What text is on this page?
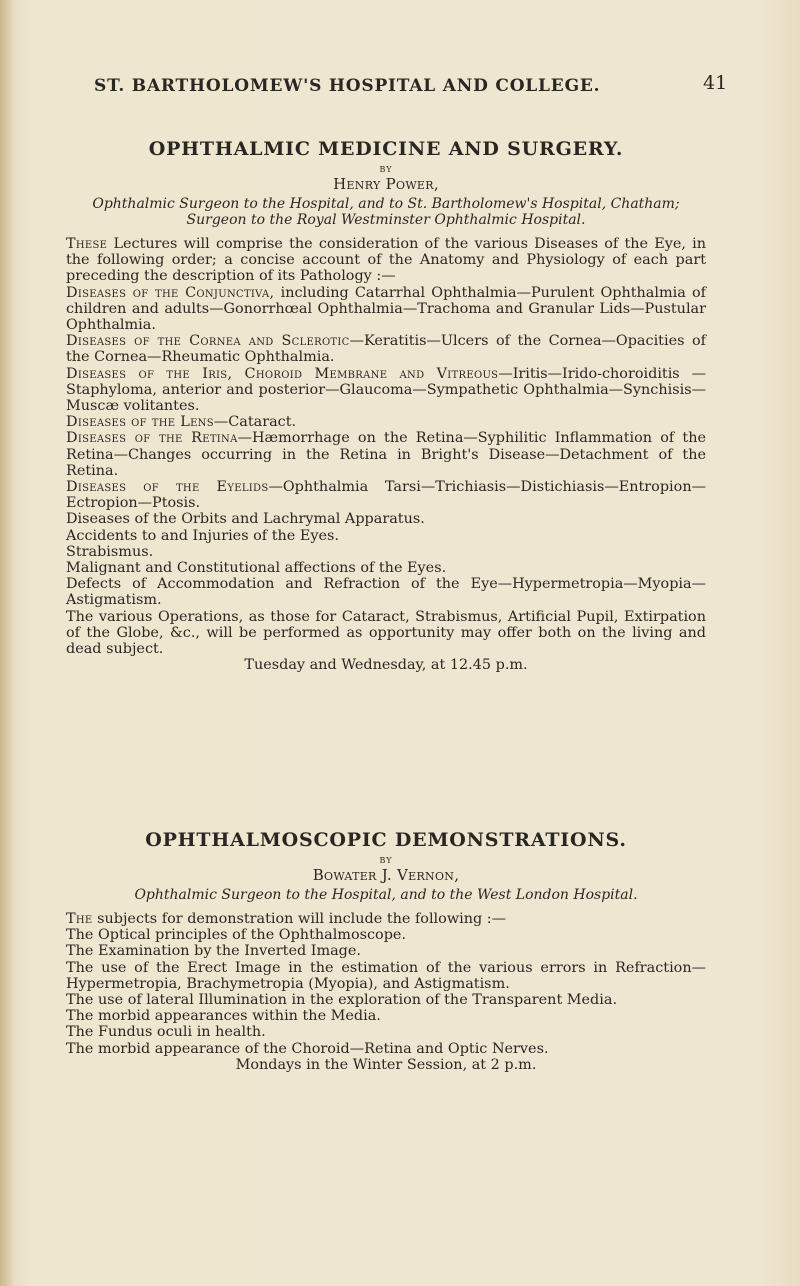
ST. BARTHOLOMEW'S HOSPITAL AND COLLEGE.	41
OPHTHALMIC MEDICINE AND SURGERY.
BY
Henry Power,

Ophthalmic Surgeon to the Hospital, and to St. Bartholomew's Hospital, Chatham;

Surgeon to the Royal Westminster Ophthalmic Hospital.

These Lectures will comprise the consideration of the various Diseases of the Eye, in the following order; a concise account of the Anatomy and Physiology of each part preceding the description of its Pathology :—

Diseases of the Conjunctiva, including Catarrhal Ophthalmia—Purulent Ophthalmia of children and adults—Gonorrhœal Ophthalmia—Trachoma and Granular Lids—Pustular Ophthalmia.

Diseases of the Cornea and Sclerotic—Keratitis—Ulcers of the Cornea—Opacities of the Cornea—Rheumatic Ophthalmia.

Diseases of the Iris, Choroid Membrane and Vitreous—Iritis—Irido-choroiditis — Staphyloma, anterior and posterior—Glaucoma—Sympathetic Ophthalmia—Synchisis—Muscæ volitantes.

Diseases of the Lens—Cataract.

Diseases of the Retina—Hæmorrhage on the Retina—Syphilitic Inflammation of the Retina—Changes occurring in the Retina in Bright's Disease—Detachment of the Retina.

Diseases of the Eyelids—Ophthalmia Tarsi—Trichiasis—Distichiasis—Entropion—Ectropion—Ptosis.

Diseases of the Orbits and Lachrymal Apparatus.

Accidents to and Injuries of the Eyes.

Strabismus.

Malignant and Constitutional affections of the Eyes.

Defects of Accommodation and Refraction of the Eye—Hypermetropia—Myopia—Astigmatism.

The various Operations, as those for Cataract, Strabismus, Artificial Pupil, Extirpation of the Globe, &c., will be performed as opportunity may offer both on the living and dead subject.

Tuesday and Wednesday, at 12.45 p.m.

OPHTHALMOSCOPIC DEMONSTRATIONS.
BY
Bowater J. Vernon,

Ophthalmic Surgeon to the Hospital, and to the West London Hospital.

The subjects for demonstration will include the following :—

The Optical principles of the Ophthalmoscope.

The Examination by the Inverted Image.

The use of the Erect Image in the estimation of the various errors in Refraction—Hypermetropia, Brachymetropia (Myopia), and Astigmatism.

The use of lateral Illumination in the exploration of the Transparent Media.

The morbid appearances within the Media.

The Fundus oculi in health.

The morbid appearance of the Choroid—Retina and Optic Nerves.

Mondays in the Winter Session, at 2 p.m.
